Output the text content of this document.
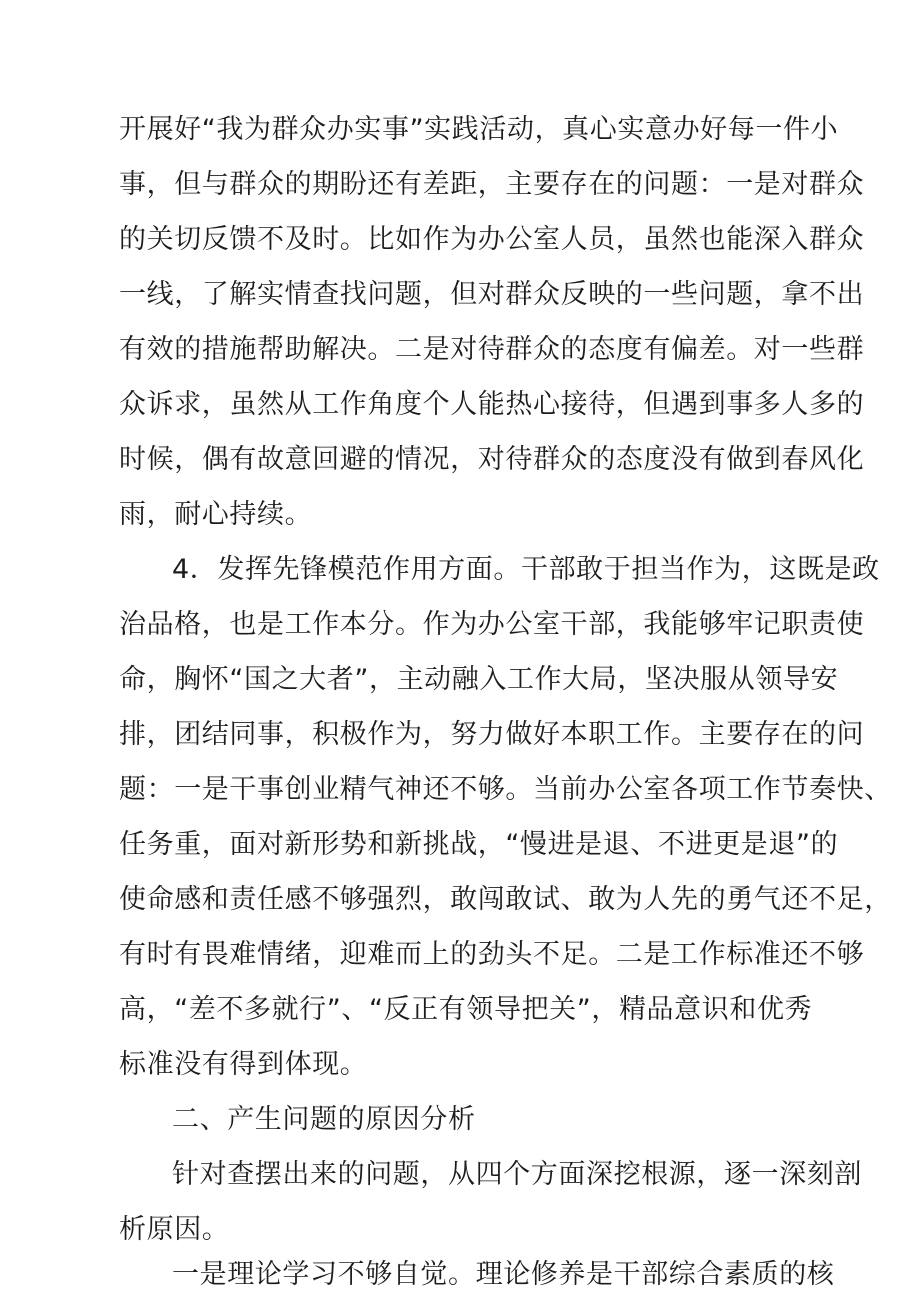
开展好“我为群众办实事”实践活动，真心实意办好每一件小
事，但与群众的期盼还有差距，主要存在的问题：一是对群众
的关切反馈不及时。比如作为办公室人员，虽然也能深入群众
一线，了解实情查找问题，但对群众反映的一些问题，拿不出
有效的措施帮助解决。二是对待群众的态度有偏差。对一些群
众诉求，虽然从工作角度个人能热心接待，但遇到事多人多的
时候，偶有故意回避的情况，对待群众的态度没有做到春风化
雨，耐心持续。
4．发挥先锋模范作用方面。干部敢于担当作为，这既是政
治品格，也是工作本分。作为办公室干部，我能够牢记职责使
命，胸怀“国之大者”，主动融入工作大局，坚决服从领导安
排，团结同事，积极作为，努力做好本职工作。主要存在的问
题：一是干事创业精气神还不够。当前办公室各项工作节奏快、
任务重，面对新形势和新挑战，“慢进是退、不进更是退”的
使命感和责任感不够强烈，敢闯敢试、敢为人先的勇气还不足，
有时有畏难情绪，迎难而上的劲头不足。二是工作标准还不够
高，“差不多就行”、“反正有领导把关”，精品意识和优秀
标准没有得到体现。
二、产生问题的原因分析
针对查摆出来的问题，从四个方面深挖根源，逐一深刻剖
析原因。
一是理论学习不够自觉。理论修养是干部综合素质的核
